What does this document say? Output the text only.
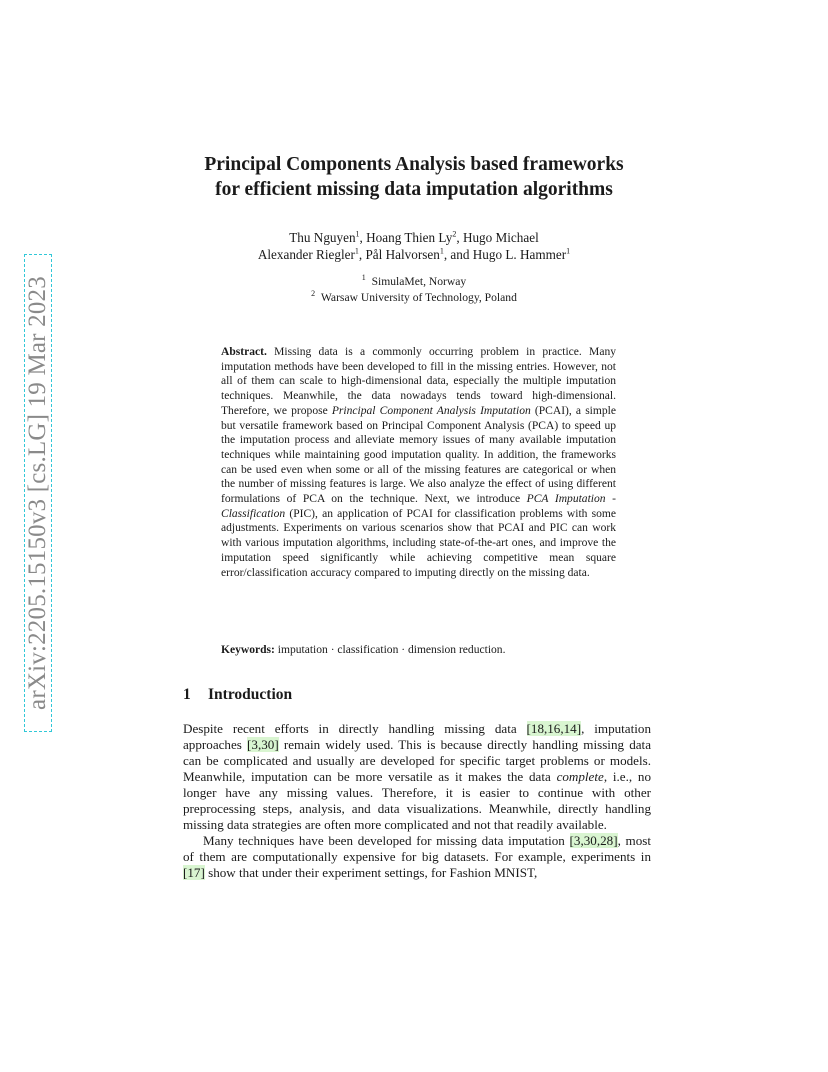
arXiv:2205.15150v3 [cs.LG] 19 Mar 2023
Principal Components Analysis based frameworks
for efficient missing data imputation algorithms
Thu Nguyen$^1$, Hoang Thien Ly$^2$, Hugo Michael
Alexander Riegler$^1$, Pål Halvorsen$^1$, and Hugo L. Hammer$^1$
$^1$ SimulaMet, Norway
$^2$ Warsaw University of Technology, Poland
Abstract. Missing data is a commonly occurring problem in practice. Many imputation methods have been developed to fill in the missing entries. However, not all of them can scale to high-dimensional data, especially the multiple imputation techniques. Meanwhile, the data nowadays tends toward high-dimensional. Therefore, we propose Principal Component Analysis Imputation (PCAI), a simple but versatile framework based on Principal Component Analysis (PCA) to speed up the imputation process and alleviate memory issues of many available imputation techniques while maintaining good imputation quality. In addition, the frameworks can be used even when some or all of the missing features are categorical or when the number of missing features is large. We also analyze the effect of using different formulations of PCA on the technique. Next, we introduce PCA Imputation - Classification (PIC), an application of PCAI for classification problems with some adjustments. Experiments on various scenarios show that PCAI and PIC can work with various imputation algorithms, including state-of-the-art ones, and improve the imputation speed significantly while achieving competitive mean square error/classification accuracy compared to imputing directly on the missing data.
Keywords: imputation · classification · dimension reduction.
1 Introduction

Despite recent efforts in directly handling missing data [18,16,14], imputation approaches [3,30] remain widely used. This is because directly handling missing data can be complicated and usually are developed for specific target problems or models. Meanwhile, imputation can be more versatile as it makes the data complete, i.e., no longer have any missing values. Therefore, it is easier to continue with other preprocessing steps, analysis, and data visualizations. Meanwhile, directly handling missing data strategies are often more complicated and not that readily available.

Many techniques have been developed for missing data imputation [3,30,28], most of them are computationally expensive for big datasets. For example, experiments in [17] show that under their experiment settings, for Fashion MNIST,
